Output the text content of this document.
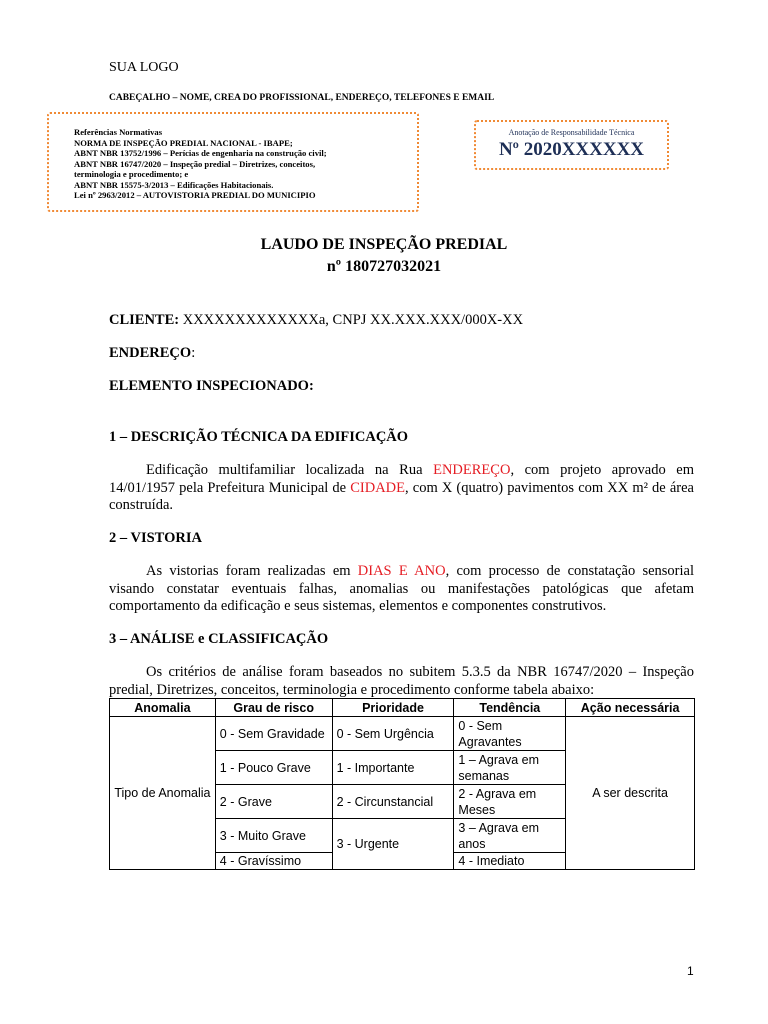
SUA LOGO
CABEÇALHO – NOME, CREA DO PROFISSIONAL, ENDEREÇO, TELEFONES E EMAIL
Referências Normativas
NORMA DE INSPEÇÃO PREDIAL NACIONAL - IBAPE;
ABNT NBR 13752/1996 – Perícias de engenharia na construção civil;
ABNT NBR 16747/2020 – Inspeção predial – Diretrizes, conceitos,
terminologia e procedimento; e
ABNT NBR 15575-3/2013 – Edificações Habitacionais.
Lei nº 2963/2012 – AUTOVISTORIA PREDIAL DO MUNICIPIO
Anotação de Responsabilidade Técnica
Nº 2020XXXXXX
LAUDO DE INSPEÇÃO PREDIAL
nº 180727032021
CLIENTE: XXXXXXXXXXXXXa, CNPJ XX.XXX.XXX/000X-XX
ENDEREÇO:
ELEMENTO INSPECIONADO:
1 – DESCRIÇÃO TÉCNICA DA EDIFICAÇÃO
Edificação multifamiliar localizada na Rua ENDEREÇO, com projeto aprovado em 14/01/1957 pela Prefeitura Municipal de CIDADE, com X (quatro) pavimentos com XX m² de área construída.
2 – VISTORIA
As vistorias foram realizadas em DIAS E ANO, com processo de constatação sensorial visando constatar eventuais falhas, anomalias ou manifestações patológicas que afetam comportamento da edificação e seus sistemas, elementos e componentes construtivos.
3 – ANÁLISE e CLASSIFICAÇÃO
Os critérios de análise foram baseados no subitem 5.3.5 da NBR 16747/2020 – Inspeção predial, Diretrizes, conceitos, terminologia e procedimento conforme tabela abaixo:
Anomalia	Grau de risco	Prioridade	Tendência	Ação necessária
Tipo de Anomalia	0 - Sem Gravidade	0 - Sem Urgência	0 - Sem Agravantes	A ser descrita
	1 - Pouco Grave	1 - Importante	1 – Agrava em semanas	
	2 - Grave	2 - Circunstancial	2 - Agrava em Meses	
	3 - Muito Grave	3 - Urgente	3 – Agrava em anos	
	4 - Gravíssimo		4 - Imediato	
1
